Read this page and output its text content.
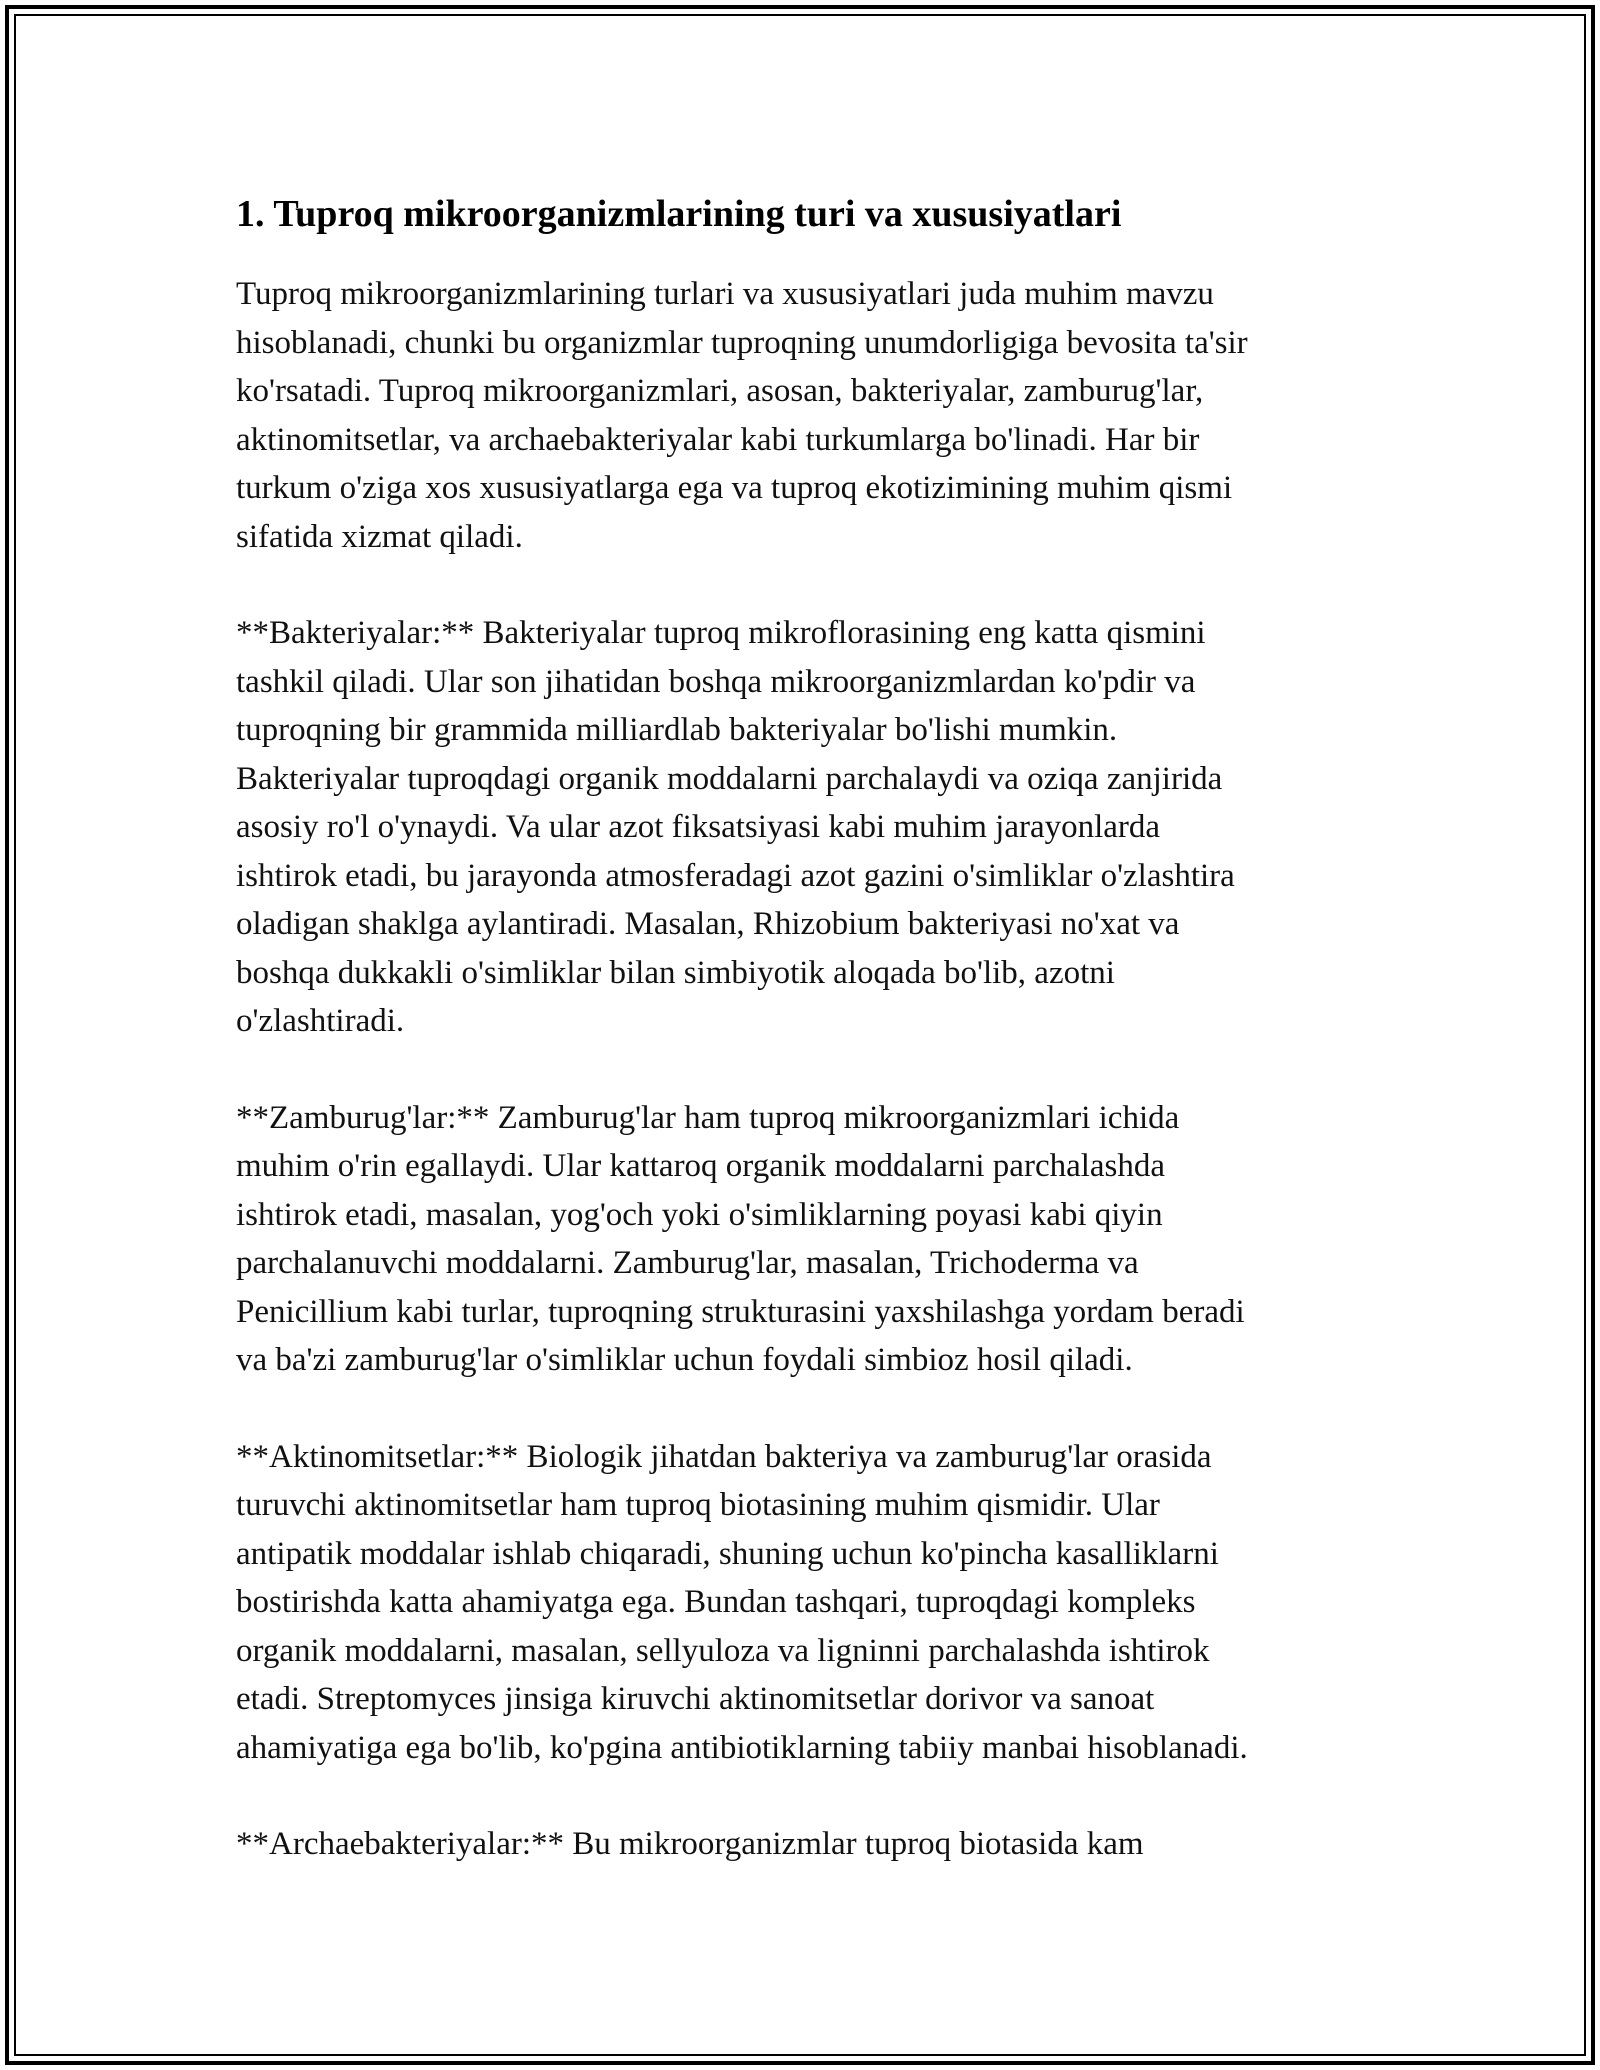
1. Tuproq mikroorganizmlarining turi va xususiyatlari

Tuproq mikroorganizmlarining turlari va xususiyatlari juda muhim mavzu
hisoblanadi, chunki bu organizmlar tuproqning unumdorligiga bevosita ta'sir
ko'rsatadi. Tuproq mikroorganizmlari, asosan, bakteriyalar, zamburug'lar,
aktinomitsetlar, va archaebakteriyalar kabi turkumlarga bo'linadi. Har bir
turkum o'ziga xos xususiyatlarga ega va tuproq ekotizimining muhim qismi
sifatida xizmat qiladi.

**Bakteriyalar:** Bakteriyalar tuproq mikroflorasining eng katta qismini
tashkil qiladi. Ular son jihatidan boshqa mikroorganizmlardan ko'pdir va
tuproqning bir grammida milliardlab bakteriyalar bo'lishi mumkin.
Bakteriyalar tuproqdagi organik moddalarni parchalaydi va oziqa zanjirida
asosiy ro'l o'ynaydi. Va ular azot fiksatsiyasi kabi muhim jarayonlarda
ishtirok etadi, bu jarayonda atmosferadagi azot gazini o'simliklar o'zlashtira
oladigan shaklga aylantiradi. Masalan, Rhizobium bakteriyasi no'xat va
boshqa dukkakli o'simliklar bilan simbiyotik aloqada bo'lib, azotni
o'zlashtiradi.

**Zamburug'lar:** Zamburug'lar ham tuproq mikroorganizmlari ichida
muhim o'rin egallaydi. Ular kattaroq organik moddalarni parchalashda
ishtirok etadi, masalan, yog'och yoki o'simliklarning poyasi kabi qiyin
parchalanuvchi moddalarni. Zamburug'lar, masalan, Trichoderma va
Penicillium kabi turlar, tuproqning strukturasini yaxshilashga yordam beradi
va ba'zi zamburug'lar o'simliklar uchun foydali simbioz hosil qiladi.

**Aktinomitsetlar:** Biologik jihatdan bakteriya va zamburug'lar orasida
turuvchi aktinomitsetlar ham tuproq biotasining muhim qismidir. Ular
antipatik moddalar ishlab chiqaradi, shuning uchun ko'pincha kasalliklarni
bostirishda katta ahamiyatga ega. Bundan tashqari, tuproqdagi kompleks
organik moddalarni, masalan, sellyuloza va ligninni parchalashda ishtirok
etadi. Streptomyces jinsiga kiruvchi aktinomitsetlar dorivor va sanoat
ahamiyatiga ega bo'lib, ko'pgina antibiotiklarning tabiiy manbai hisoblanadi.

**Archaebakteriyalar:** Bu mikroorganizmlar tuproq biotasida kam
